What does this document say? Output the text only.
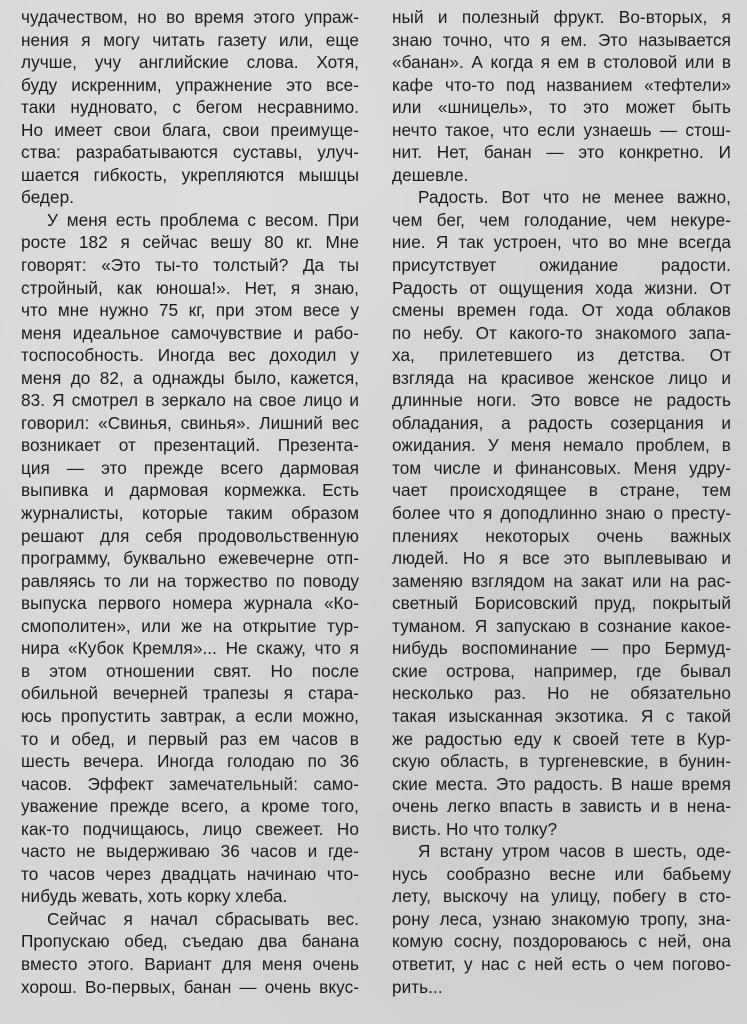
чудачеством, но во время этого упраж-
нения я могу читать газету или, еще
лучше, учу английские слова. Хотя,
буду искренним, упражнение это все-
таки нудновато, с бегом несравнимо.
Но имеет свои блага, свои преимуще-
ства: разрабатываются суставы, улуч-
шается гибкость, укрепляются мышцы
бедер.
У меня есть проблема с весом. При
росте 182 я сейчас вешу 80 кг. Мне
говорят: «Это ты-то толстый? Да ты
стройный, как юноша!». Нет, я знаю,
что мне нужно 75 кг, при этом весе у
меня идеальное самочувствие и рабо-
тоспособность. Иногда вес доходил у
меня до 82, а однажды было, кажется,
83. Я смотрел в зеркало на свое лицо и
говорил: «Свинья, свинья». Лишний вес
возникает от презентаций. Презента-
ция — это прежде всего дармовая
выпивка и дармовая кормежка. Есть
журналисты, которые таким образом
решают для себя продовольственную
программу, буквально ежевечерне отп-
равляясь то ли на торжество по поводу
выпуска первого номера журнала «Ко-
смополитен», или же на открытие тур-
нира «Кубок Кремля»... Не скажу, что я
в этом отношении свят. Но после
обильной вечерней трапезы я стара-
юсь пропустить завтрак, а если можно,
то и обед, и первый раз ем часов в
шесть вечера. Иногда голодаю по 36
часов. Эффект замечательный: само-
уважение прежде всего, а кроме того,
как-то подчищаюсь, лицо свежеет. Но
часто не выдерживаю 36 часов и где-
то часов через двадцать начинаю что-
нибудь жевать, хоть корку хлеба.
Сейчас я начал сбрасывать вес.
Пропускаю обед, съедаю два банана
вместо этого. Вариант для меня очень
хорош. Во-первых, банан — очень вкус-
ный и полезный фрукт. Во-вторых, я
знаю точно, что я ем. Это называется
«банан». А когда я ем в столовой или в
кафе что-то под названием «тефтели»
или «шницель», то это может быть
нечто такое, что если узнаешь — стош-
нит. Нет, банан — это конкретно. И
дешевле.
Радость. Вот что не менее важно,
чем бег, чем голодание, чем некуре-
ние. Я так устроен, что во мне всегда
присутствует ожидание радости.
Радость от ощущения хода жизни. От
смены времен года. От хода облаков
по небу. От какого-то знакомого запа-
ха, прилетевшего из детства. От
взгляда на красивое женское лицо и
длинные ноги. Это вовсе не радость
обладания, а радость созерцания и
ожидания. У меня немало проблем, в
том числе и финансовых. Меня удру-
чает происходящее в стране, тем
более что я доподлинно знаю о престу-
плениях некоторых очень важных
людей. Но я все это выплевываю и
заменяю взглядом на закат или на рас-
светный Борисовский пруд, покрытый
туманом. Я запускаю в сознание какое-
нибудь воспоминание — про Бермуд-
ские острова, например, где бывал
несколько раз. Но не обязательно
такая изысканная экзотика. Я с такой
же радостью еду к своей тете в Кур-
скую область, в тургеневские, в бунин-
ские места. Это радость. В наше время
очень легко впасть в зависть и в нена-
висть. Но что толку?
Я встану утром часов в шесть, оде-
нусь сообразно весне или бабьему
лету, выскочу на улицу, побегу в сто-
рону леса, узнаю знакомую тропу, зна-
комую сосну, поздороваюсь с ней, она
ответит, у нас с ней есть о чем погово-
рить...
